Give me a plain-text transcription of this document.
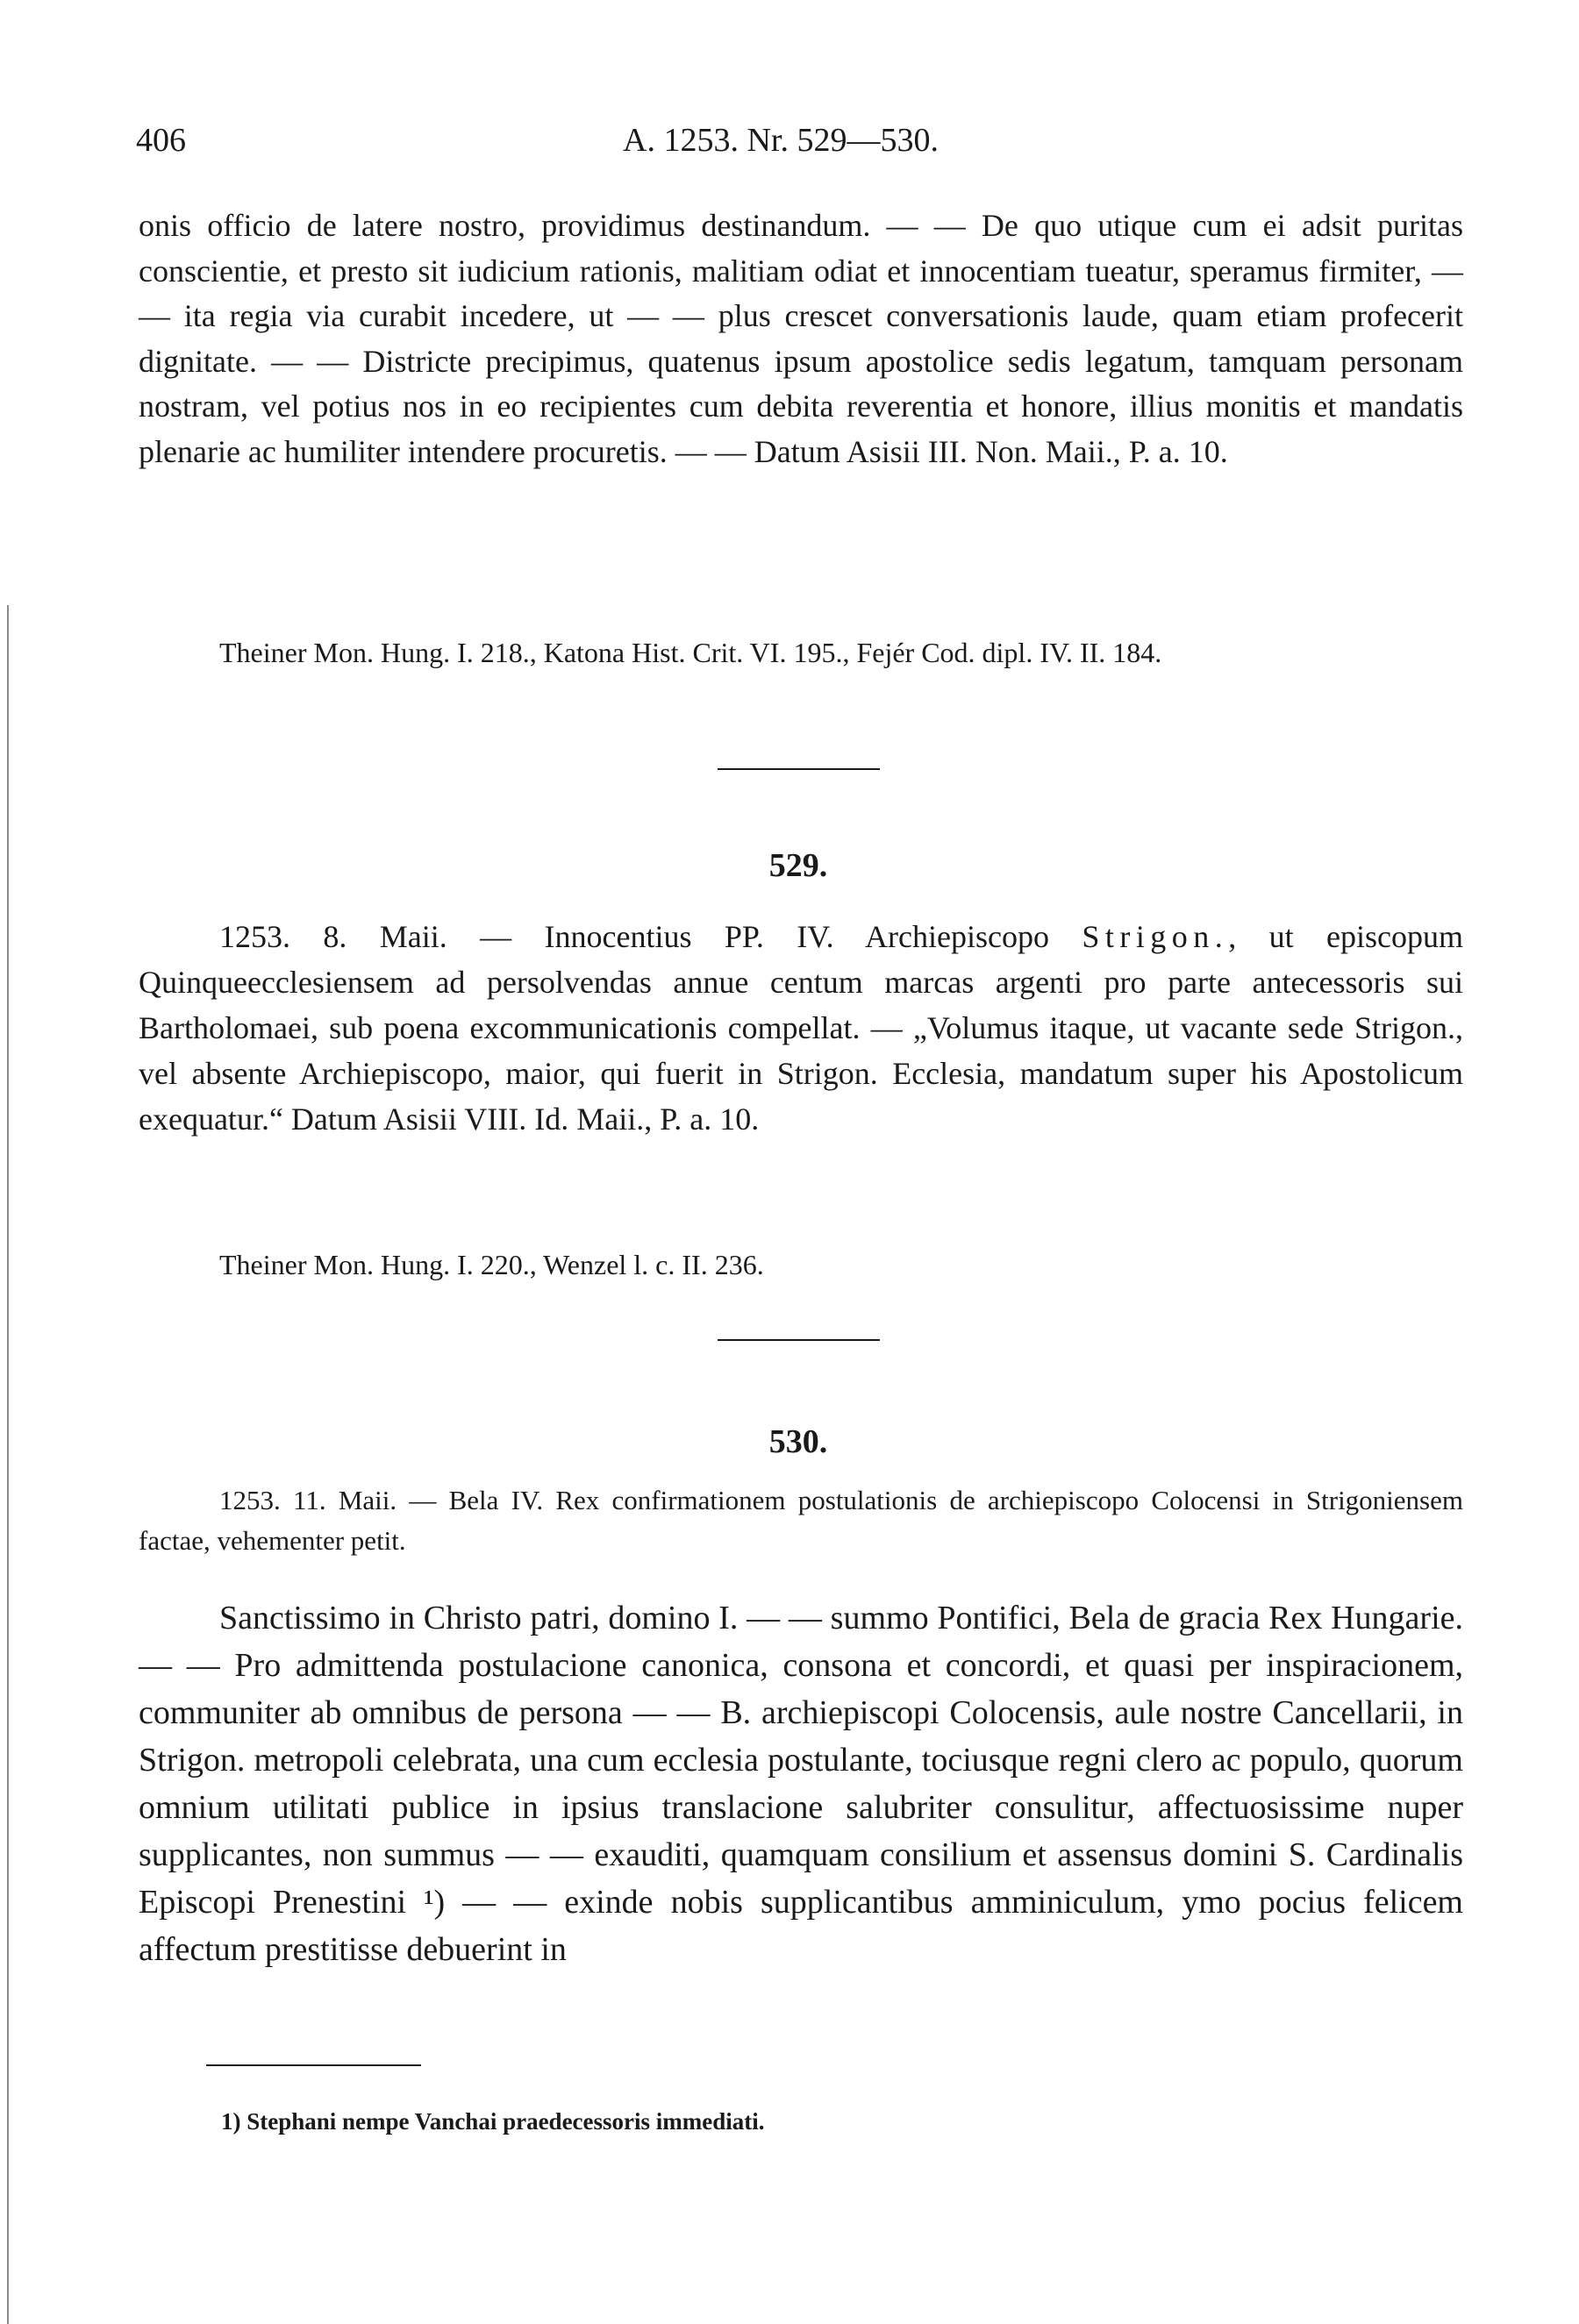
406	A. 1253. Nr. 529—530.
onis officio de latere nostro, providimus destinandum. — — De quo utique cum ei adsit puritas conscientie, et presto sit iudicium rationis, malitiam odiat et innocentiam tueatur, speramus firmiter, — — ita regia via curabit incedere, ut — — plus crescet conversationis laude, quam etiam profecerit dignitate. — — Districte precipimus, quatenus ipsum apostolice sedis legatum, tamquam personam nostram, vel potius nos in eo recipientes cum debita reverentia et honore, illius monitis et mandatis plenarie ac humiliter intendere procuretis. — — Datum Asisii III. Non. Maii., P. a. 10.
Theiner Mon. Hung. I. 218., Katona Hist. Crit. VI. 195., Fejér Cod. dipl. IV. II. 184.
529.
1253. 8. Maii. — Innocentius PP. IV. Archiepiscopo Strigon., ut episcopum Quinqueecclesiensem ad persolvendas annue centum marcas argenti pro parte antecessoris sui Bartholomaei, sub poena excommunicationis compellat. — „Volumus itaque, ut vacante sede Strigon., vel absente Archiepiscopo, maior, qui fuerit in Strigon. Ecclesia, mandatum super his Apostolicum exequatur.“ Datum Asisii VIII. Id. Maii., P. a. 10.
Theiner Mon. Hung. I. 220., Wenzel l. c. II. 236.
530.
1253. 11. Maii. — Bela IV. Rex confirmationem postulationis de archiepiscopo Colocensi in Strigoniensem factae, vehementer petit.
Sanctissimo in Christo patri, domino I. — — summo Pontifici, Bela de gracia Rex Hungarie. — — Pro admittenda postulacione canonica, consona et concordi, et quasi per inspiracionem, communiter ab omnibus de persona — — B. archiepiscopi Colocensis, aule nostre Cancellarii, in Strigon. metropoli celebrata, una cum ecclesia postulante, tociusque regni clero ac populo, quorum omnium utilitati publice in ipsius translacione salubriter consulitur, affectuosissime nuper supplicantes, non summus — — exauditi, quamquam consilium et assensus domini S. Cardinalis Episcopi Prenestini ¹) — — exinde nobis supplicantibus amminiculum, ymo pocius felicem affectum prestitisse debuerint in
1) Stephani nempe Vanchai praedecessoris immediati.
